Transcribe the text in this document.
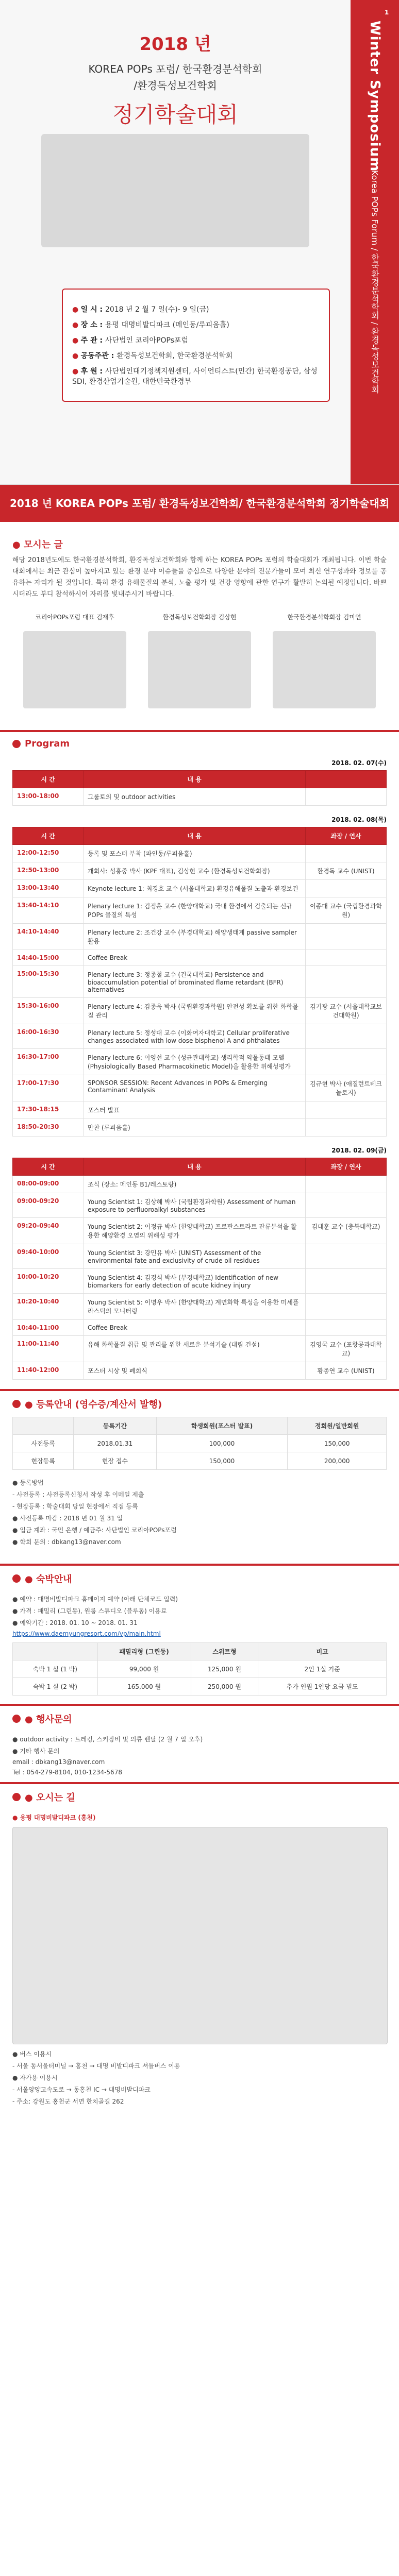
2018 년
KOREA POPs 포럼/ 한국환경분석학회
/환경독성보건학회
정기학술대회

● 일 시 : 2018 년 2 월 7 일(수)- 9 일(금)

● 장 소 : 용평 대명비발디파크 (메인동/루피움홀)

● 주 관 : 사단법인 코리아POPs포럼

● 공동주관 : 환경독성보건학회, 한국환경분석학회

● 후 원 : 사단법인대기정책지원센터, 사이언티스트(민간) 한국환경공단, 삼성SDI, 환경산업기술원, 대한민국환경부

Winter Symposium
Korea POPs Forum / 한국환경분석학회 / 환경독성보건학회
1
2018 년 KOREA POPs 포럼/ 환경독성보건학회/ 한국환경분석학회 정기학술대회
● 모시는 글
해당 2018년도에도 한국환경분석학회, 환경독성보건학회와 함께 하는 KOREA POPs 포럼의 학술대회가 개최됩니다. 이번 학술대회에서는 최근 관심이 높아지고 있는 환경 분야 이슈들을 중심으로 다양한 분야의 전문가들이 모여 최신 연구성과와 정보를 공유하는 자리가 될 것입니다. 특히 환경 유해물질의 분석, 노출 평가 및 건강 영향에 관한 연구가 활발히 논의될 예정입니다. 바쁘시더라도 부디 참석하시어 자리를 빛내주시기 바랍니다.
코리아POPs포럼 대표 김재후	환경독성보건학회장 김상현	한국환경분석학회장 김미연
Program
2018. 02. 07(수)
시 간	내 용	
13:00-18:00	그룹토의 및 outdoor activities	
2018. 02. 08(목)
시 간	내 용	좌장 / 연사
12:00-12:50	등록 및 포스터 부착 (파인동/루피움홀)	
12:50-13:00	개회사: 성홍중 박사 (KPF 대표), 김상현 교수 (환경독성보건학회장)	환경독 교수 (UNIST)
13:00-13:40	Keynote lecture 1: 최경호 교수 (서울대학교) 환경유해물질 노출과 환경보건	
13:40-14:10	Plenary lecture 1: 김정훈 교수 (한양대학교) 국내 환경에서 검출되는 신규 POPs 물질의 특성	이종대 교수 (국립환경과학원)
14:10-14:40	Plenary lecture 2: 조건강 교수 (부경대학교) 해양생태계 passive sampler 활용	
14:40-15:00	Coffee Break	
15:00-15:30	Plenary lecture 3: 정종철 교수 (건국대학교) Persistence and bioaccumulation potential of brominated flame retardant (BFR) alternatives	
15:30-16:00	Plenary lecture 4: 김종욱 박사 (국립환경과학원) 안전성 확보를 위한 화학물질 관리	김기광 교수 (서울대학교보건대학원)
16:00-16:30	Plenary lecture 5: 정성대 교수 (이화여자대학교) Cellular proliferative changes associated with low dose bisphenol A and phthalates	
16:30-17:00	Plenary lecture 6: 이영선 교수 (성균관대학교) 생리학적 약물동태 모델 (Physiologically Based Pharmacokinetic Model)을 활용한 위해성평가	
17:00-17:30	SPONSOR SESSION: Recent Advances in POPs & Emerging Contaminant Analysis	김규현 박사 (애질런트테크놀로지)
17:30-18:15	포스터 발표	
18:50-20:30	만찬 (루피움홀)	
2018. 02. 09(금)
시 간	내 용	좌장 / 연사
08:00-09:00	조식 (장소: 메인동 B1/레스토랑)	
09:00-09:20	Young Scientist 1: 김상혜 박사 (국립환경과학원) Assessment of human exposure to perfluoroalkyl substances	
09:20-09:40	Young Scientist 2: 이정규 박사 (한양대학교) 프로판스트라트 잔류분석을 활용한 해양환경 오염의 위해성 평가	김대훈 교수 (충북대학교)
09:40-10:00	Young Scientist 3: 강민유 박사 (UNIST) Assessment of the environmental fate and exclusivity of crude oil residues	
10:00-10:20	Young Scientist 4: 김경식 박사 (부경대학교) Identification of new biomarkers for early detection of acute kidney injury	
10:20-10:40	Young Scientist 5: 이명우 박사 (한양대학교) 계면화학 특성을 이용한 미세플라스틱의 모니터링	
10:40-11:00	Coffee Break	
11:00-11:40	유해 화학물질 취급 및 관리를 위한 새로운 분석기술 (대림 건설)	김영국 교수 (포항공과대학교)
11:40-12:00	포스터 시상 및 폐회식	황종연 교수 (UNIST)
● 등록안내 (영수증/계산서 발행)
	등록기간	학생회원(포스터 발표)	정회원/일반회원
사전등록	2018.01.31	100,000	150,000
현장등록	현장 접수	150,000	200,000

● 등록방법

- 사전등록 : 사전등록신청서 작성 후 이메일 제출

- 현장등록 : 학술대회 당일 현장에서 직접 등록

● 사전등록 마감 : 2018 년 01 월 31 일

● 입금 계좌 : 국민 은행 / 예금주: 사단법인 코리아POPs포럼

● 학회 문의 : dbkang13@naver.com

● 숙박안내

● 예약 : 대명비발디파크 홈페이지 예약 (아래 단체코드 입력)

● 가격 : 패밀리 (그린동), 원룸 스튜디오 (블루동) 이용료

● 예약기간 : 2018. 01. 10 ~ 2018. 01. 31

https://www.daemyungresort.com/vp/main.html

	패밀리형 (그린동)	스위트형	비고
숙박 1 실 (1 박)	99,000 원	125,000 원	2인 1실 기준
숙박 1 실 (2 박)	165,000 원	250,000 원	추가 인원 1인당 요금 별도
● 행사문의

● outdoor activity : 트레킹, 스키장비 및 의류 렌탈 (2 월 7 일 오후)

● 기타 행사 문의

email : dbkang13@naver.com

Tel : 054-279-8104, 010-1234-5678

● 오시는 길

● 용평 대명비발디파크 (홍천)

● 버스 이용시

- 서울 동서울터미널 → 홍천 → 대명 비발디파크 셔틀버스 이용

● 자가용 이용시

- 서울양양고속도로 → 동홍천 IC → 대명비발디파크

- 주소: 강원도 홍천군 서면 한치골길 262
